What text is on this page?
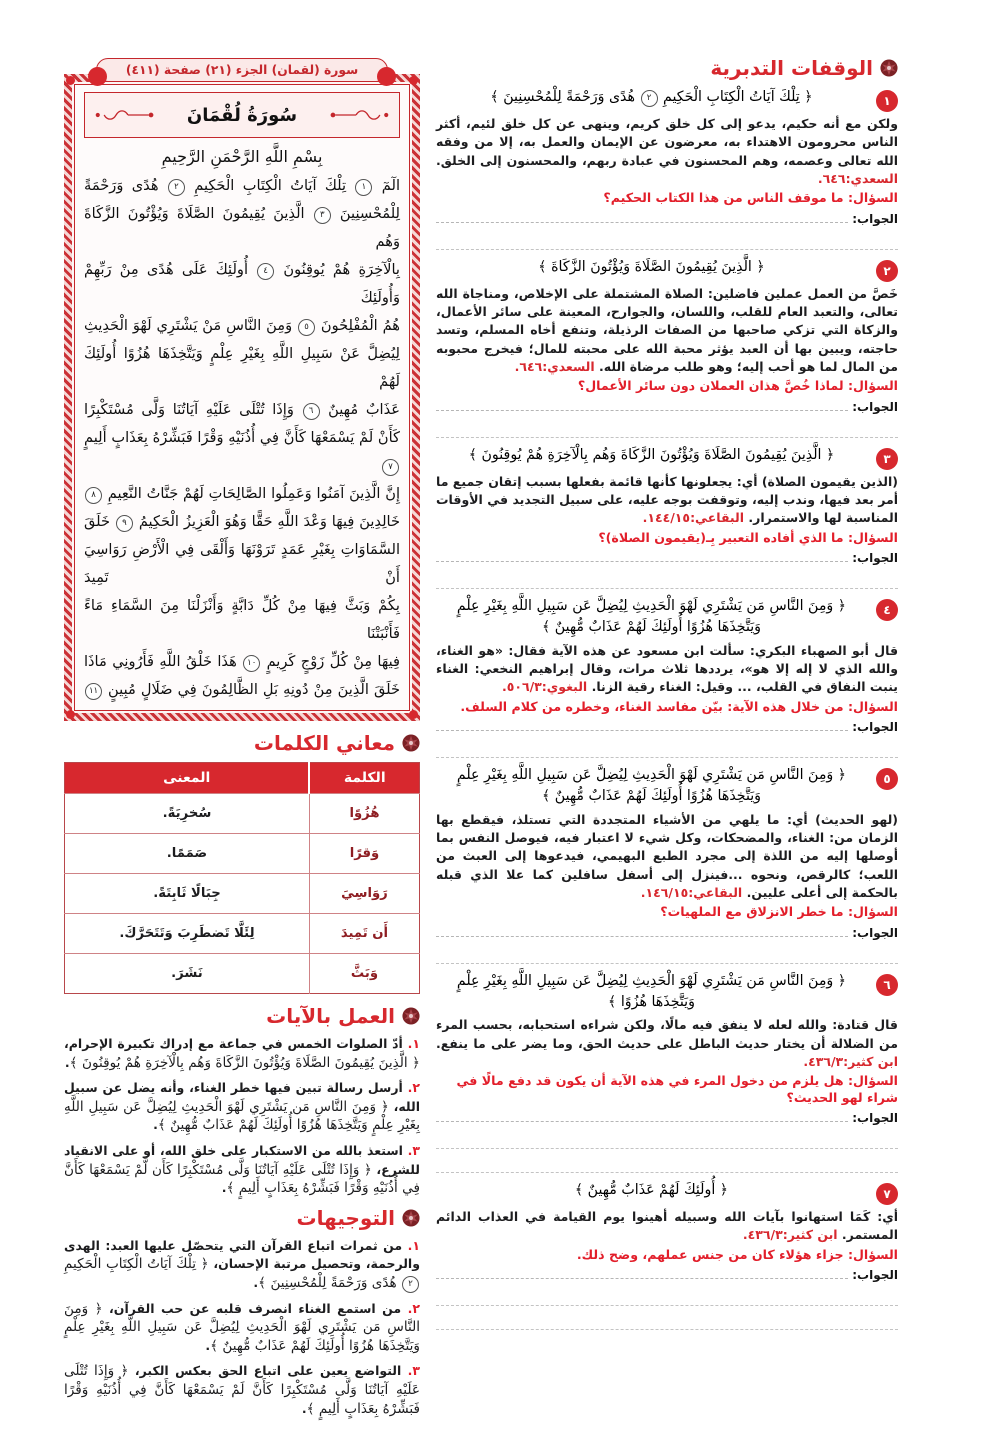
الوقفات التدبرية
١
﴿ تِلْكَ آيَاتُ الْكِتَابِ الْحَكِيمِ ٢ هُدًى وَرَحْمَةً لِلْمُحْسِنِينَ ﴾
ولكن مع أنه حكيم، يدعو إلى كل خلق كريم، وينهى عن كل خلق لئيم، أكثر الناس محرومون الاهتداء به، معرضون عن الإيمان والعمل به، إلا من وفقه الله تعالى وعصمه، وهم المحسنون في عبادة ربهم، والمحسنون إلى الخلق. السعدي:٦٤٦.
السؤال: ما موقف الناس من هذا الكتاب الحكيم؟
الجواب:
٢
﴿ الَّذِينَ يُقِيمُونَ الصَّلَاةَ وَيُؤْتُونَ الزَّكَاةَ ﴾
خَصَّ من العمل عملين فاضلين: الصلاة المشتملة على الإخلاص، ومناجاة الله تعالى، والتعبد العام للقلب، واللسان، والجوارح، المعينة على سائر الأعمال، والزكاة التي تزكي صاحبها من الصفات الرذيلة، وتنفع أخاه المسلم، وتسد حاجته، ويبين بها أن العبد يؤثر محبة الله على محبته للمال؛ فيخرج محبوبه من المال لما هو أحب إليه؛ وهو طلب مرضاة الله. السعدي:٦٤٦.
السؤال: لماذا خُصَّ هذان العملان دون سائر الأعمال؟
الجواب:
٣
﴿ الَّذِينَ يُقِيمُونَ الصَّلَاةَ وَيُؤْتُونَ الزَّكَاةَ وَهُم بِالْآخِرَةِ هُمْ يُوقِنُونَ ﴾
(الذين يقيمون الصلاة) أي: يجعلونها كأنها قائمة بفعلها بسبب إتقان جميع ما أمر بعد فيها، وندب إليه، وتوقفت بوجه عليه، على سبيل التجديد في الأوقات المناسبة لها والاستمرار. البقاعي:١٤٤/١٥.
السؤال: ما الذي أفاده التعبير بِـ(يقيمون الصلاة)؟
الجواب:
٤
﴿ وَمِنَ النَّاسِ مَن يَشْتَرِي لَهْوَ الْحَدِيثِ لِيُضِلَّ عَن سَبِيلِ اللَّهِ بِغَيْرِ عِلْمٍ وَيَتَّخِذَهَا هُزُوًا أُولَئِكَ لَهُمْ عَذَابٌ مُّهِينٌ ﴾
قال أبو الصهباء البكري: سألت ابن مسعود عن هذه الآية فقال: «هو الغناء، والله الذي لا إله إلا هو»، يرددها ثلاث مرات، وقال إبراهيم النخعي: الغناء ينبت النفاق في القلب، ... وقيل: الغناء رقية الزنا. البغوي:٥٠٦/٣.
السؤال: من خلال هذه الآية: بيّن مفاسد الغناء، وخطره من كلام السلف.
الجواب:
٥
﴿ وَمِنَ النَّاسِ مَن يَشْتَرِي لَهْوَ الْحَدِيثِ لِيُضِلَّ عَن سَبِيلِ اللَّهِ بِغَيْرِ عِلْمٍ وَيَتَّخِذَهَا هُزُوًا أُولَئِكَ لَهُمْ عَذَابٌ مُّهِينٌ ﴾
(لهو الحديث) أي: ما يلهي من الأشياء المتجددة التي تستلذ، فيقطع بها الزمان من: الغناء، والمضحكات، وكل شيء لا اعتبار فيه، فيوصل النفس بما أوصلها إليه من اللذة إلى مجرد الطبع البهيمي، فيدعوها إلى العبث من اللعب؛ كالرقص، ونحوه ...فينزل إلى أسفل سافلين كما علا الذي قبله بالحكمة إلى أعلى عليين. البقاعي:١٤٦/١٥.
السؤال: ما خطر الانزلاق مع الملهيات؟
الجواب:
٦
﴿ وَمِنَ النَّاسِ مَن يَشْتَرِي لَهْوَ الْحَدِيثِ لِيُضِلَّ عَن سَبِيلِ اللَّهِ بِغَيْرِ عِلْمٍ وَيَتَّخِذَهَا هُزُوًا ﴾
قال قتادة: والله لعله لا ينفق فيه مالًا، ولكن شراءه استحبابه، بحسب المرء من الضلالة أن يختار حديث الباطل على حديث الحق، وما يضر على ما ينفع. ابن كثير:٤٣٦/٣.
السؤال: هل يلزم من دخول المرء في هذه الآية أن يكون قد دفع مالًا في شراء لهو الحديث؟
الجواب:
٧
﴿ أُولَئِكَ لَهُمْ عَذَابٌ مُّهِينٌ ﴾
أي: كَمَا استهانوا بآيات الله وسبيله أهينوا يوم القيامة في العذاب الدائم المستمر. ابن كثير:٤٣٦/٣.
السؤال: جزاء هؤلاء كان من جنس عملهم، وضح ذلك.
الجواب:
سورة (لقمان) الجزء (٢١) صفحة (٤١١)
سُورَةُ لُقْمَانَ
بِسْمِ اللَّهِ الرَّحْمَنِ الرَّحِيمِ
الٓمٓ ١ تِلْكَ آيَاتُ الْكِتَابِ الْحَكِيمِ ٢ هُدًى وَرَحْمَةً
لِلْمُحْسِنِينَ ٣ الَّذِينَ يُقِيمُونَ الصَّلَاةَ وَيُؤْتُونَ الزَّكَاةَ وَهُم
بِالْآخِرَةِ هُمْ يُوقِنُونَ ٤ أُولَئِكَ عَلَى هُدًى مِنْ رَبِّهِمْ وَأُولَئِكَ
هُمُ الْمُفْلِحُونَ ٥ وَمِنَ النَّاسِ مَنْ يَشْتَرِي لَهْوَ الْحَدِيثِ
لِيُضِلَّ عَنْ سَبِيلِ اللَّهِ بِغَيْرِ عِلْمٍ وَيَتَّخِذَهَا هُزُوًا أُولَئِكَ لَهُمْ
عَذَابٌ مُهِينٌ ٦ وَإِذَا تُتْلَى عَلَيْهِ آيَاتُنَا وَلَّى مُسْتَكْبِرًا
كَأَنْ لَمْ يَسْمَعْهَا كَأَنَّ فِي أُذُنَيْهِ وَقْرًا فَبَشِّرْهُ بِعَذَابٍ أَلِيمٍ ٧
إِنَّ الَّذِينَ آمَنُوا وَعَمِلُوا الصَّالِحَاتِ لَهُمْ جَنَّاتُ النَّعِيمِ ٨
خَالِدِينَ فِيهَا وَعْدَ اللَّهِ حَقًّا وَهُوَ الْعَزِيزُ الْحَكِيمُ ٩ خَلَقَ
السَّمَاوَاتِ بِغَيْرِ عَمَدٍ تَرَوْنَهَا وَأَلْقَى فِي الْأَرْضِ رَوَاسِيَ أَنْ تَمِيدَ
بِكُمْ وَبَثَّ فِيهَا مِنْ كُلِّ دَابَّةٍ وَأَنْزَلْنَا مِنَ السَّمَاءِ مَاءً فَأَنْبَتْنَا
فِيهَا مِنْ كُلِّ زَوْجٍ كَرِيمٍ ١٠ هَذَا خَلْقُ اللَّهِ فَأَرُونِي مَاذَا
خَلَقَ الَّذِينَ مِنْ دُونِهِ بَلِ الظَّالِمُونَ فِي ضَلَالٍ مُبِينٍ ١١
معاني الكلمات
الكلمة	المعنى
هُزُوًا	سُخرِيَةً.
وَقرًا	صَمَمًا.
رَوَاسِيَ	جِبَالًا ثَابِتَةً.
أَن تَمِيدَ	لِئَلَّا تَضطَرِبَ وَتَتَحَرَّكَ.
وَبَثَّ	نَشَرَ.
العمل بالآيات

١. أدّ الصلوات الخمس في جماعة مع إدراك تكبيرة الإحرام، ﴿ الَّذِينَ يُقِيمُونَ الصَّلَاةَ وَيُؤْتُونَ الزَّكَاةَ وَهُم بِالْآخِرَةِ هُمْ يُوقِنُونَ ﴾.

٢. أرسل رسالة تبين فيها خطر الغناء، وأنه يضل عن سبيل الله، ﴿ وَمِنَ النَّاسِ مَن يَشْتَرِي لَهْوَ الْحَدِيثِ لِيُضِلَّ عَن سَبِيلِ اللَّهِ بِغَيْرِ عِلْمٍ وَيَتَّخِذَهَا هُزُوًا أُولَئِكَ لَهُمْ عَذَابٌ مُّهِينٌ ﴾.

٣. استعذ بالله من الاستكبار على خلق الله، أو على الانقياد للشرع، ﴿ وَإِذَا تُتْلَى عَلَيْهِ آيَاتُنَا وَلَّى مُسْتَكْبِرًا كَأَن لَّمْ يَسْمَعْهَا كَأَنَّ فِي أُذُنَيْهِ وَقْرًا فَبَشِّرْهُ بِعَذَابٍ أَلِيمٍ ﴾.

التوجيهات

١. من ثمرات اتباع القرآن التي يتحصّل عليها العبد: الهدى والرحمة، وتحصيل مرتبة الإحسان، ﴿ تِلْكَ آيَاتُ الْكِتَابِ الْحَكِيمِ ٢ هُدًى وَرَحْمَةً لِلْمُحْسِنِينَ ﴾.

٢. من استمع الغناء انصرف قلبه عن حب القرآن، ﴿ وَمِنَ النَّاسِ مَن يَشْتَرِي لَهْوَ الْحَدِيثِ لِيُضِلَّ عَن سَبِيلِ اللَّهِ بِغَيْرِ عِلْمٍ وَيَتَّخِذَهَا هُزُوًا أُولَئِكَ لَهُمْ عَذَابٌ مُّهِينٌ ﴾.

٣. التواضع يعين على اتباع الحق بعكس الكبر، ﴿ وَإِذَا تُتْلَى عَلَيْهِ آيَاتُنَا وَلَّى مُسْتَكْبِرًا كَأَنَّ لَمْ يَسْمَعْهَا كَأَنَّ فِي أُذُنَيْهِ وَقْرًا فَبَشِّرْهُ بِعَذَابٍ أَلِيمٍ ﴾.
